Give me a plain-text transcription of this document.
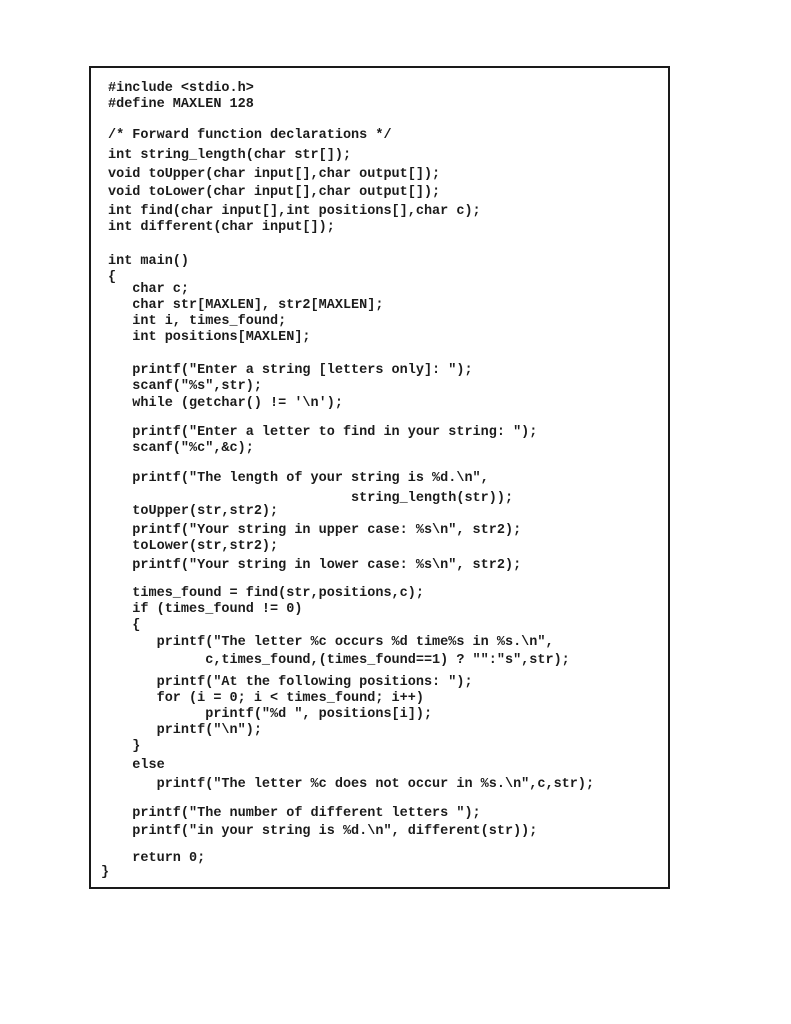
#include <stdio.h>
#define MAXLEN 128
/* Forward function declarations */
int string_length(char str[]);
void toUpper(char input[],char output[]);
void toLower(char input[],char output[]);
int find(char input[],int positions[],char c);
int different(char input[]);
int main()
{
char c;
char str[MAXLEN], str2[MAXLEN];
int i, times_found;
int positions[MAXLEN];
printf("Enter a string [letters only]: ");
scanf("%s",str);
while (getchar() != '\n');
printf("Enter a letter to find in your string: ");
scanf("%c",&c);
printf("The length of your string is %d.\n",
string_length(str));
toUpper(str,str2);
printf("Your string in upper case: %s\n", str2);
toLower(str,str2);
printf("Your string in lower case: %s\n", str2);
times_found = find(str,positions,c);
if (times_found != 0)
{
printf("The letter %c occurs %d time%s in %s.\n",
c,times_found,(times_found==1) ? "":"s",str);
printf("At the following positions: ");
for (i = 0; i < times_found; i++)
printf("%d ", positions[i]);
printf("\n");
}
else
printf("The letter %c does not occur in %s.\n",c,str);
printf("The number of different letters ");
printf("in your string is %d.\n", different(str));
return 0;
}
